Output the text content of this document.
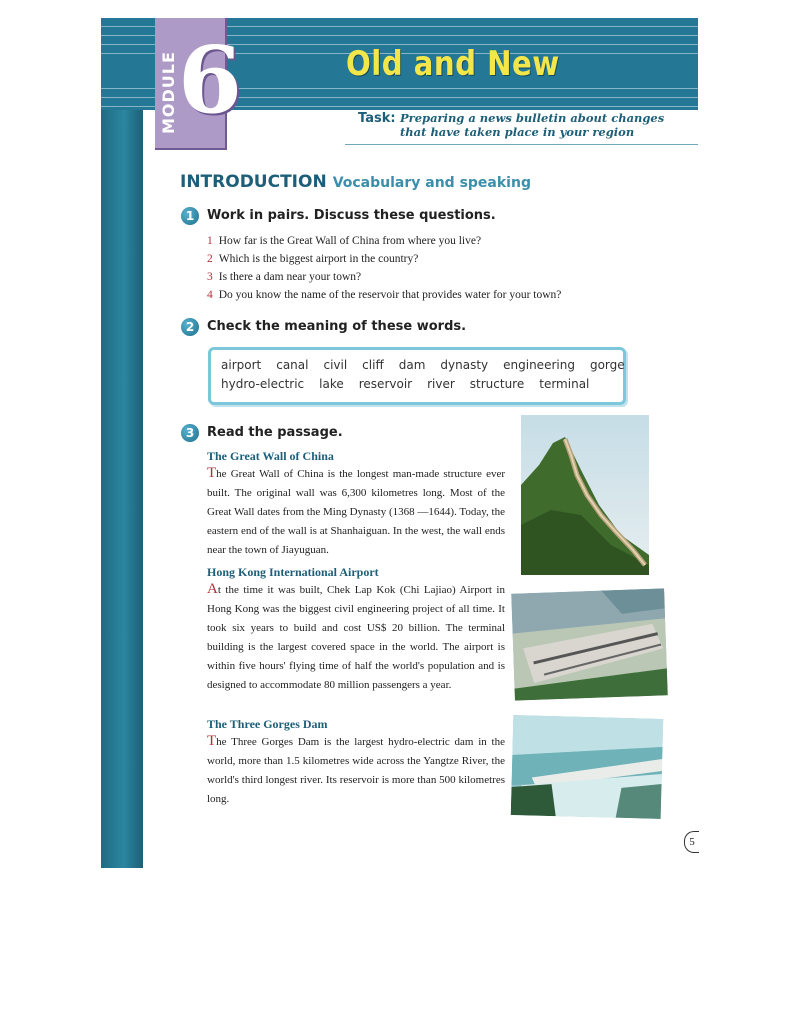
Old and New
MODULE 6	Task: Preparing a news bulletin about changes that have taken place in your region
INTRODUCTION Vocabulary and speaking
1 Work in pairs. Discuss these questions.
1 How far is the Great Wall of China from where you live?
2 Which is the biggest airport in the country?
3 Is there a dam near your town?
4 Do you know the name of the reservoir that provides water for your town?
2 Check the meaning of these words.
airport canal civil cliff dam dynasty engineering gorge
hydro-electric lake reservoir river structure terminal
3 Read the passage.
The Great Wall of China

The Great Wall of China is the longest man-made structure ever built. The original wall was 6,300 kilometres long. Most of the Great Wall dates from the Ming Dynasty (1368 —1644). Today, the eastern end of the wall is at Shanhaiguan. In the west, the wall ends near the town of Jiayuguan.

Hong Kong International Airport

At the time it was built, Chek Lap Kok (Chi Lajiao) Airport in Hong Kong was the biggest civil engineering project of all time. It took six years to build and cost US$ 20 billion. The terminal building is the largest covered space in the world. The airport is within five hours' flying time of half the world's population and is designed to accommodate 80 million passengers a year.

The Three Gorges Dam

The Three Gorges Dam is the largest hydro-electric dam in the world, more than 1.5 kilometres wide across the Yangtze River, the world's third longest river. Its reservoir is more than 500 kilometres long.

5
